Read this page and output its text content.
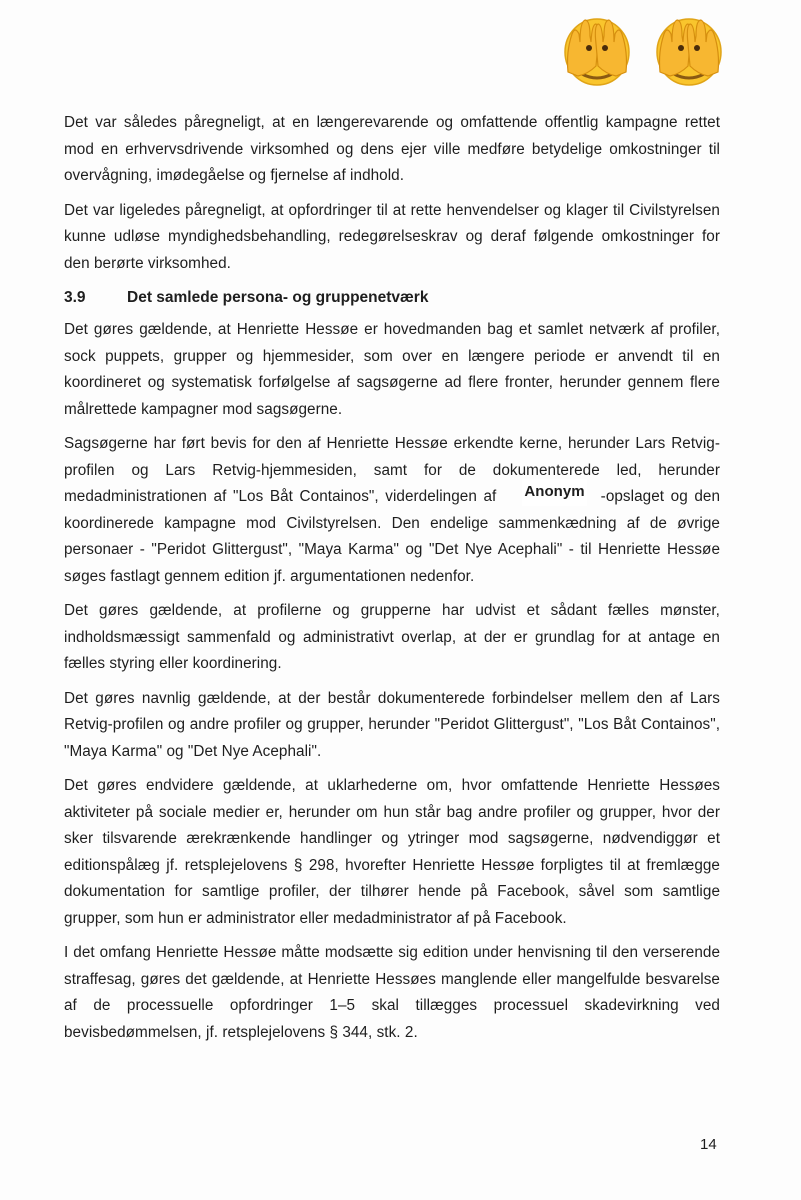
Det var således påregneligt, at en længerevarende og omfattende offentlig kampagne rettet mod en erhvervsdrivende virksomhed og dens ejer ville medføre betydelige omkostninger til overvågning, imødegåelse og fjernelse af indhold.

Det var ligeledes påregneligt, at opfordringer til at rette henvendelser og klager til Civilstyrelsen kunne udløse myndighedsbehandling, redegørelseskrav og deraf følgende omkostninger for den berørte virksomhed.

3.9	Det samlede persona- og gruppenetværk

Det gøres gældende, at Henriette Hessøe er hovedmanden bag et samlet netværk af profiler, sock puppets, grupper og hjemmesider, som over en længere periode er anvendt til en koordineret og systematisk forfølgelse af sagsøgerne ad flere fronter, herunder gennem flere målrettede kampagner mod sagsøgerne.

Sagsøgerne har ført bevis for den af Henriette Hessøe erkendte kerne, herunder Lars Retvig-profilen og Lars Retvig-hjemmesiden, samt for de dokumenterede led, herunder medadministrationen af "Los Båt Containos", viderdelingen af Anonym -opslaget og den koordinerede kampagne mod Civilstyrelsen. Den endelige sammenkædning af de øvrige personaer - "Peridot Glittergust", "Maya Karma" og "Det Nye Acephali" - til Henriette Hessøe søges fastlagt gennem edition jf. argumentationen nedenfor.

Det gøres gældende, at profilerne og grupperne har udvist et sådant fælles mønster, indholdsmæssigt sammenfald og administrativt overlap, at der er grundlag for at antage en fælles styring eller koordinering.

Det gøres navnlig gældende, at der består dokumenterede forbindelser mellem den af Lars Retvig-profilen og andre profiler og grupper, herunder "Peridot Glittergust", "Los Båt Containos", "Maya Karma" og "Det Nye Acephali".

Det gøres endvidere gældende, at uklarhederne om, hvor omfattende Henriette Hessøes aktiviteter på sociale medier er, herunder om hun står bag andre profiler og grupper, hvor der sker tilsvarende ærekrænkende handlinger og ytringer mod sagsøgerne, nødvendiggør et editionspålæg jf. retsplejelovens § 298, hvorefter Henriette Hessøe forpligtes til at fremlægge dokumentation for samtlige profiler, der tilhører hende på Facebook, såvel som samtlige grupper, som hun er administrator eller medadministrator af på Facebook.

I det omfang Henriette Hessøe måtte modsætte sig edition under henvisning til den verserende straffesag, gøres det gældende, at Henriette Hessøes manglende eller mangelfulde besvarelse af de processuelle opfordringer 1–5 skal tillægges processuel skadevirkning ved bevisbedømmelsen, jf. retsplejelovens § 344, stk. 2.

14
